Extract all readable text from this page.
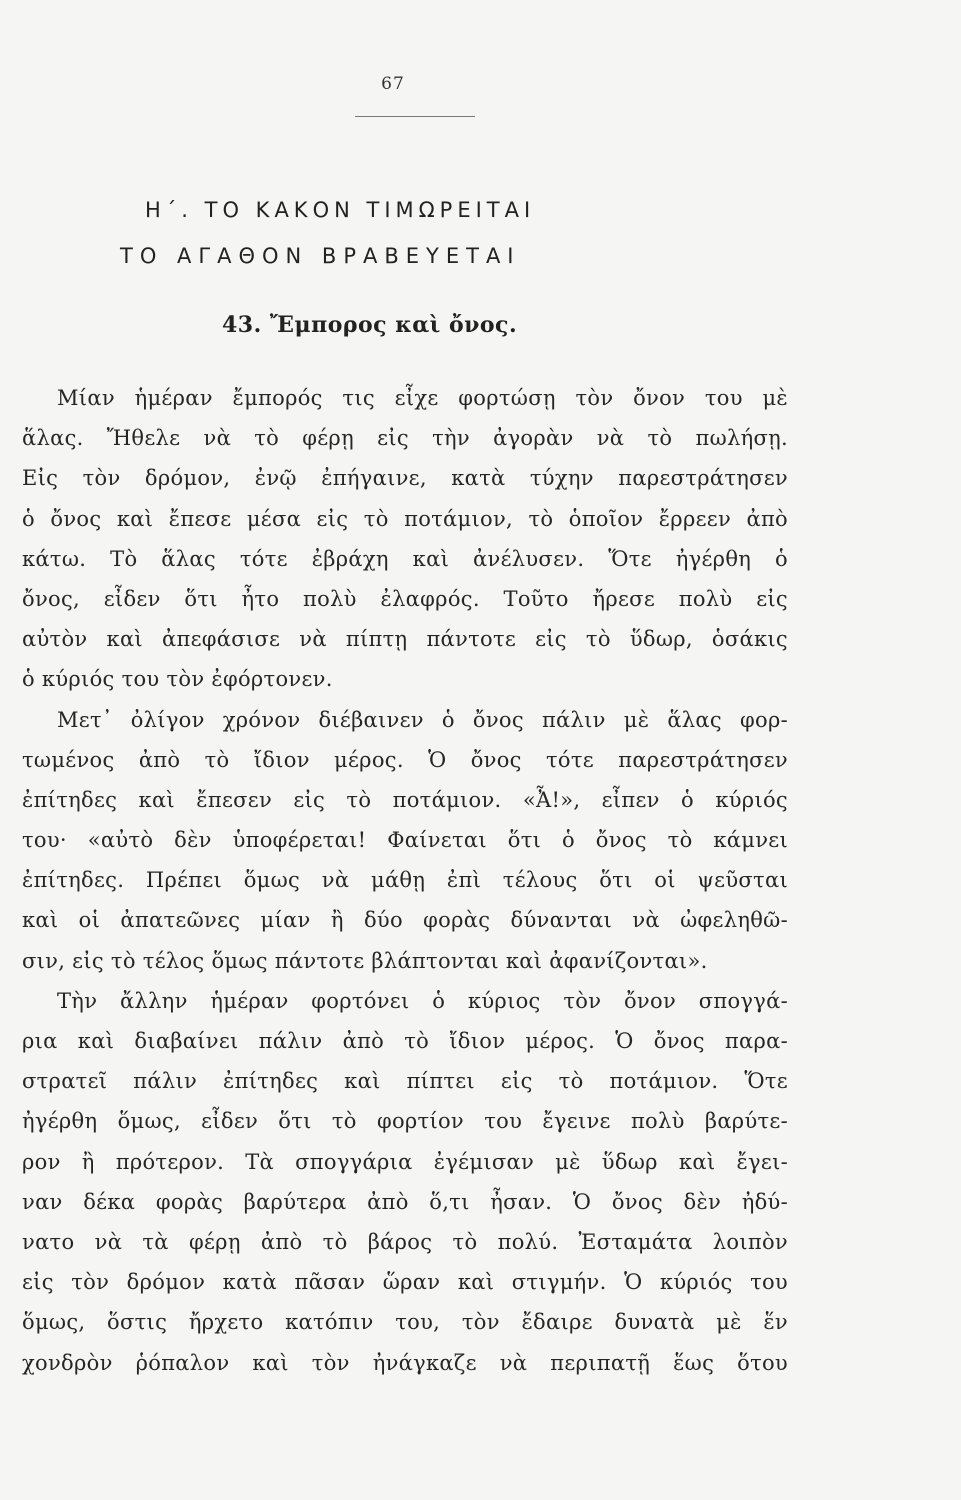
67
Η΄. ΤΟ ΚΑΚΟΝ ΤΙΜΩΡΕΙΤΑΙ
ΤΟ ΑΓΑΘΟΝ ΒΡΑΒΕΥΕΤΑΙ
43. Ἔμπορος καὶ ὄνος.
Μίαν ἡμέραν ἔμπορός τις εἶχε φορτώσῃ τὸν ὄνον του μὲ
ἅλας. Ἤθελε νὰ τὸ φέρῃ εἰς τὴν ἀγορὰν νὰ τὸ πωλήσῃ.
Εἰς τὸν δρόμον, ἐνῷ ἐπήγαινε, κατὰ τύχην παρεστράτησεν
ὁ ὄνος καὶ ἔπεσε μέσα εἰς τὸ ποτάμιον, τὸ ὁποῖον ἔρρεεν ἀπὸ
κάτω. Τὸ ἅλας τότε ἐβράχη καὶ ἀνέλυσεν. Ὅτε ἠγέρθη ὁ
ὄνος, εἶδεν ὅτι ἦτο πολὺ ἐλαφρός. Τοῦτο ἤρεσε πολὺ εἰς
αὐτὸν καὶ ἀπεφάσισε νὰ πίπτῃ πάντοτε εἰς τὸ ὕδωρ, ὁσάκις
ὁ κύριός του τὸν ἐφόρτονεν.
Μετ᾿ ὀλίγον χρόνον διέβαινεν ὁ ὄνος πάλιν μὲ ἅλας φορ-
τωμένος ἀπὸ τὸ ἴδιον μέρος. Ὁ ὄνος τότε παρεστράτησεν
ἐπίτηδες καὶ ἔπεσεν εἰς τὸ ποτάμιον. «Ἆ!», εἶπεν ὁ κύριός
του· «αὐτὸ δὲν ὑποφέρεται! Φαίνεται ὅτι ὁ ὄνος τὸ κάμνει
ἐπίτηδες. Πρέπει ὅμως νὰ μάθῃ ἐπὶ τέλους ὅτι οἱ ψεῦσται
καὶ οἱ ἀπατεῶνες μίαν ἢ δύο φορὰς δύνανται νὰ ὠφεληθῶ-
σιν, εἰς τὸ τέλος ὅμως πάντοτε βλάπτονται καὶ ἀφανίζονται».
Τὴν ἄλλην ἡμέραν φορτόνει ὁ κύριος τὸν ὄνον σπογγά-
ρια καὶ διαβαίνει πάλιν ἀπὸ τὸ ἴδιον μέρος. Ὁ ὄνος παρα-
στρατεῖ πάλιν ἐπίτηδες καὶ πίπτει εἰς τὸ ποτάμιον. Ὅτε
ἠγέρθη ὅμως, εἶδεν ὅτι τὸ φορτίον του ἔγεινε πολὺ βαρύτε-
ρον ἢ πρότερον. Τὰ σπογγάρια ἐγέμισαν μὲ ὕδωρ καὶ ἔγει-
ναν δέκα φορὰς βαρύτερα ἀπὸ ὅ,τι ἦσαν. Ὁ ὄνος δὲν ἠδύ-
νατο νὰ τὰ φέρῃ ἀπὸ τὸ βάρος τὸ πολύ. Ἐσταμάτα λοιπὸν
εἰς τὸν δρόμον κατὰ πᾶσαν ὥραν καὶ στιγμήν. Ὁ κύριός του
ὅμως, ὅστις ἤρχετο κατόπιν του, τὸν ἔδαιρε δυνατὰ μὲ ἕν
χονδρὸν ῥόπαλον καὶ τὸν ἠνάγκαζε νὰ περιπατῇ ἕως ὅτου
